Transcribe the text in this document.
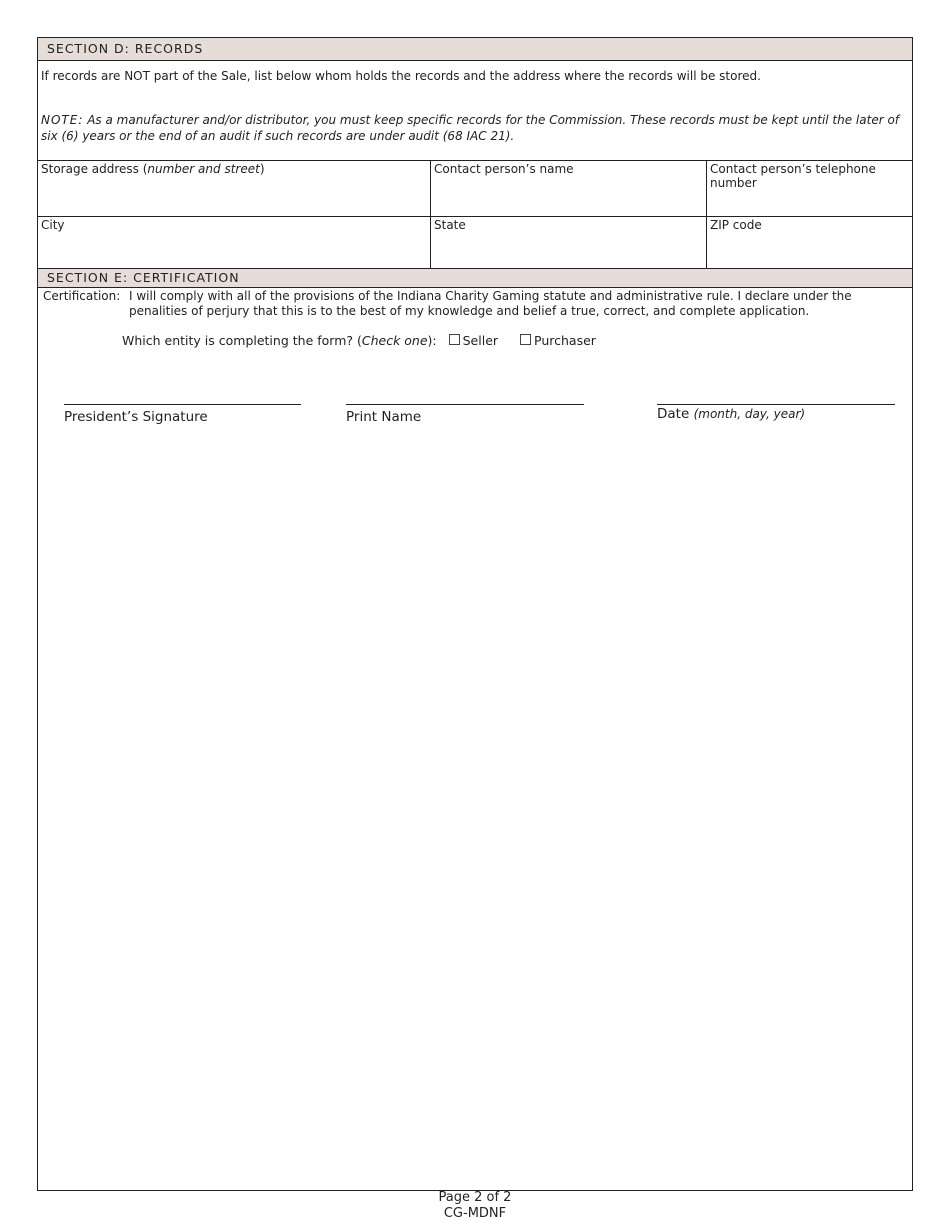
SECTION D: RECORDS
If records are NOT part of the Sale, list below whom holds the records and the address where the records will be stored.
NOTE: As a manufacturer and/or distributor, you must keep specific records for the Commission. These records must be kept until the later of six (6) years or the end of an audit if such records are under audit (68 IAC 21).
Storage address (number and street)	Contact person’s name	Contact person’s telephone number
City	State	ZIP code
SECTION E: CERTIFICATION
Certification: I will comply with all of the provisions of the Indiana Charity Gaming statute and administrative rule. I declare under the penalities of perjury that this is to the best of my knowledge and belief a true, correct, and complete application.
Which entity is completing the form? (Check one): Seller	Purchaser
President’s Signature	Print Name	Date (month, day, year)
Page 2 of 2
CG-MDNF
